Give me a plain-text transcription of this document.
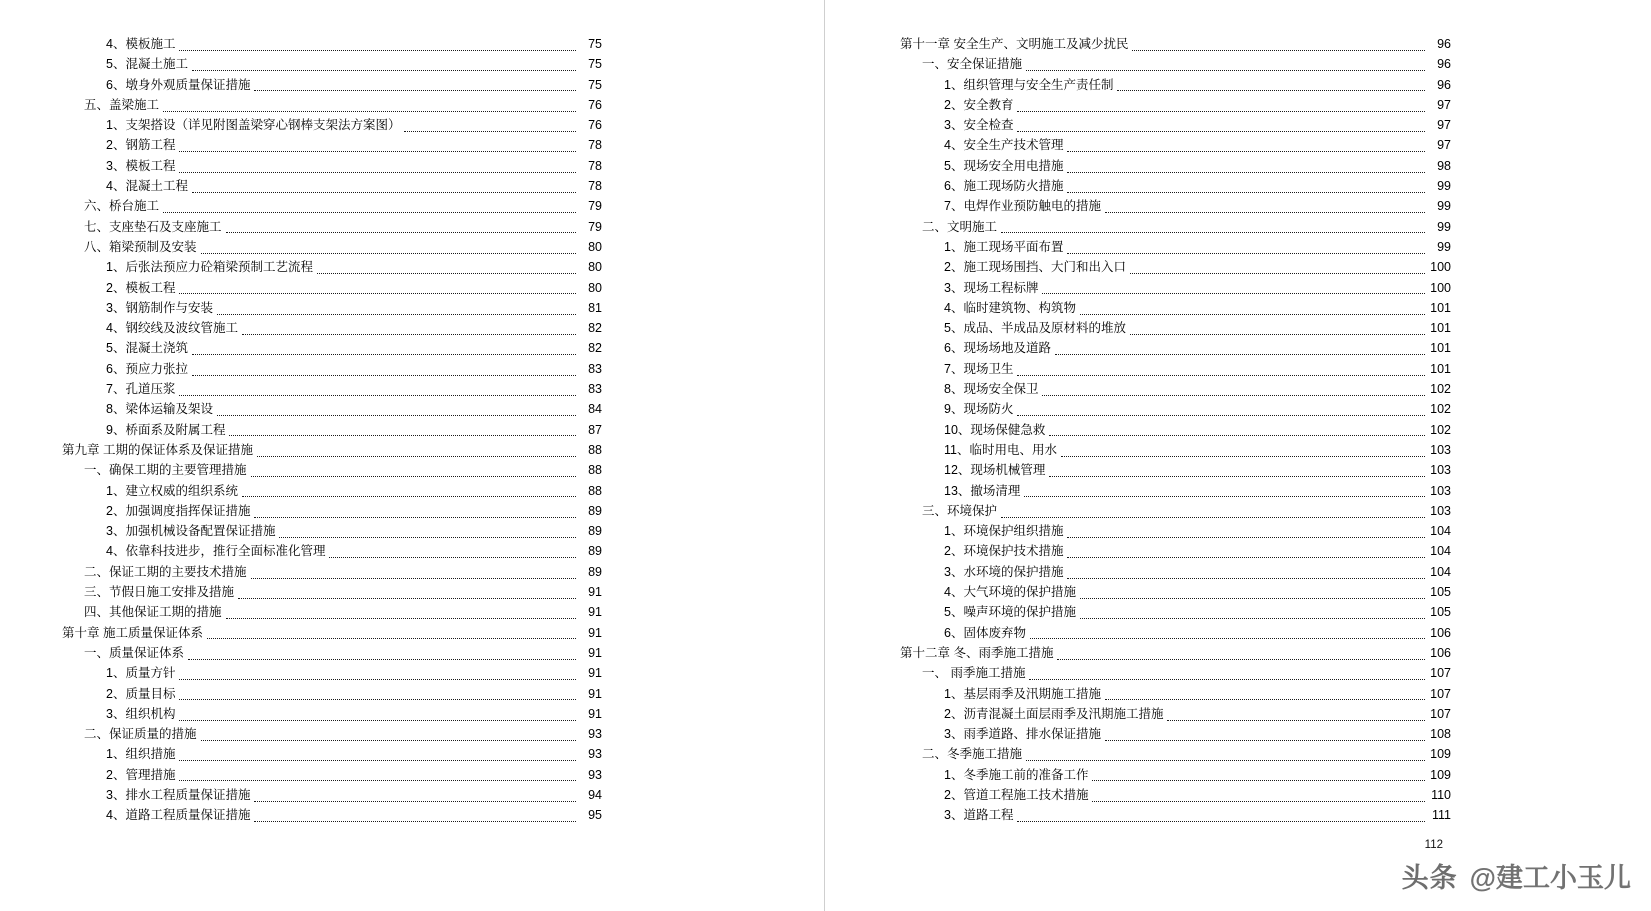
4、模板施工	75
5、混凝土施工	75
6、墩身外观质量保证措施	75
五、盖梁施工	76
1、支架搭设（详见附图盖梁穿心钢棒支架法方案图）	76
2、钢筋工程	78
3、模板工程	78
4、混凝土工程	78
六、桥台施工	79
七、支座垫石及支座施工	79
八、箱梁预制及安装	80
1、后张法预应力砼箱梁预制工艺流程	80
2、模板工程	80
3、钢筋制作与安装	81
4、钢绞线及波纹管施工	82
5、混凝土浇筑	82
6、预应力张拉	83
7、孔道压浆	83
8、梁体运输及架设	84
9、桥面系及附属工程	87
第九章 工期的保证体系及保证措施	88
一、确保工期的主要管理措施	88
1、建立权威的组织系统	88
2、加强调度指挥保证措施	89
3、加强机械设备配置保证措施	89
4、依靠科技进步，推行全面标准化管理	89
二、保证工期的主要技术措施	89
三、节假日施工安排及措施	91
四、其他保证工期的措施	91
第十章 施工质量保证体系	91
一、质量保证体系	91
1、质量方针	91
2、质量目标	91
3、组织机构	91
二、保证质量的措施	93
1、组织措施	93
2、管理措施	93
3、排水工程质量保证措施	94
4、道路工程质量保证措施	95
第十一章 安全生产、文明施工及减少扰民	96
一、安全保证措施	96
1、组织管理与安全生产责任制	96
2、安全教育	97
3、安全检查	97
4、安全生产技术管理	97
5、现场安全用电措施	98
6、施工现场防火措施	99
7、电焊作业预防触电的措施	99
二、文明施工	99
1、施工现场平面布置	99
2、施工现场围挡、大门和出入口	100
3、现场工程标牌	100
4、临时建筑物、构筑物	101
5、成品、半成品及原材料的堆放	101
6、现场场地及道路	101
7、现场卫生	101
8、现场安全保卫	102
9、现场防火	102
10、现场保健急救	102
11、临时用电、用水	103
12、现场机械管理	103
13、撤场清理	103
三、环境保护	103
1、环境保护组织措施	104
2、环境保护技术措施	104
3、水环境的保护措施	104
4、大气环境的保护措施	105
5、噪声环境的保护措施	105
6、固体废弃物	106
第十二章 冬、雨季施工措施	106
一、 雨季施工措施	107
1、基层雨季及汛期施工措施	107
2、沥青混凝土面层雨季及汛期施工措施	107
3、雨季道路、排水保证措施	108
二、冬季施工措施	109
1、冬季施工前的准备工作	109
2、管道工程施工技术措施	110
3、道路工程	111
112
头条 @建工小玉儿
